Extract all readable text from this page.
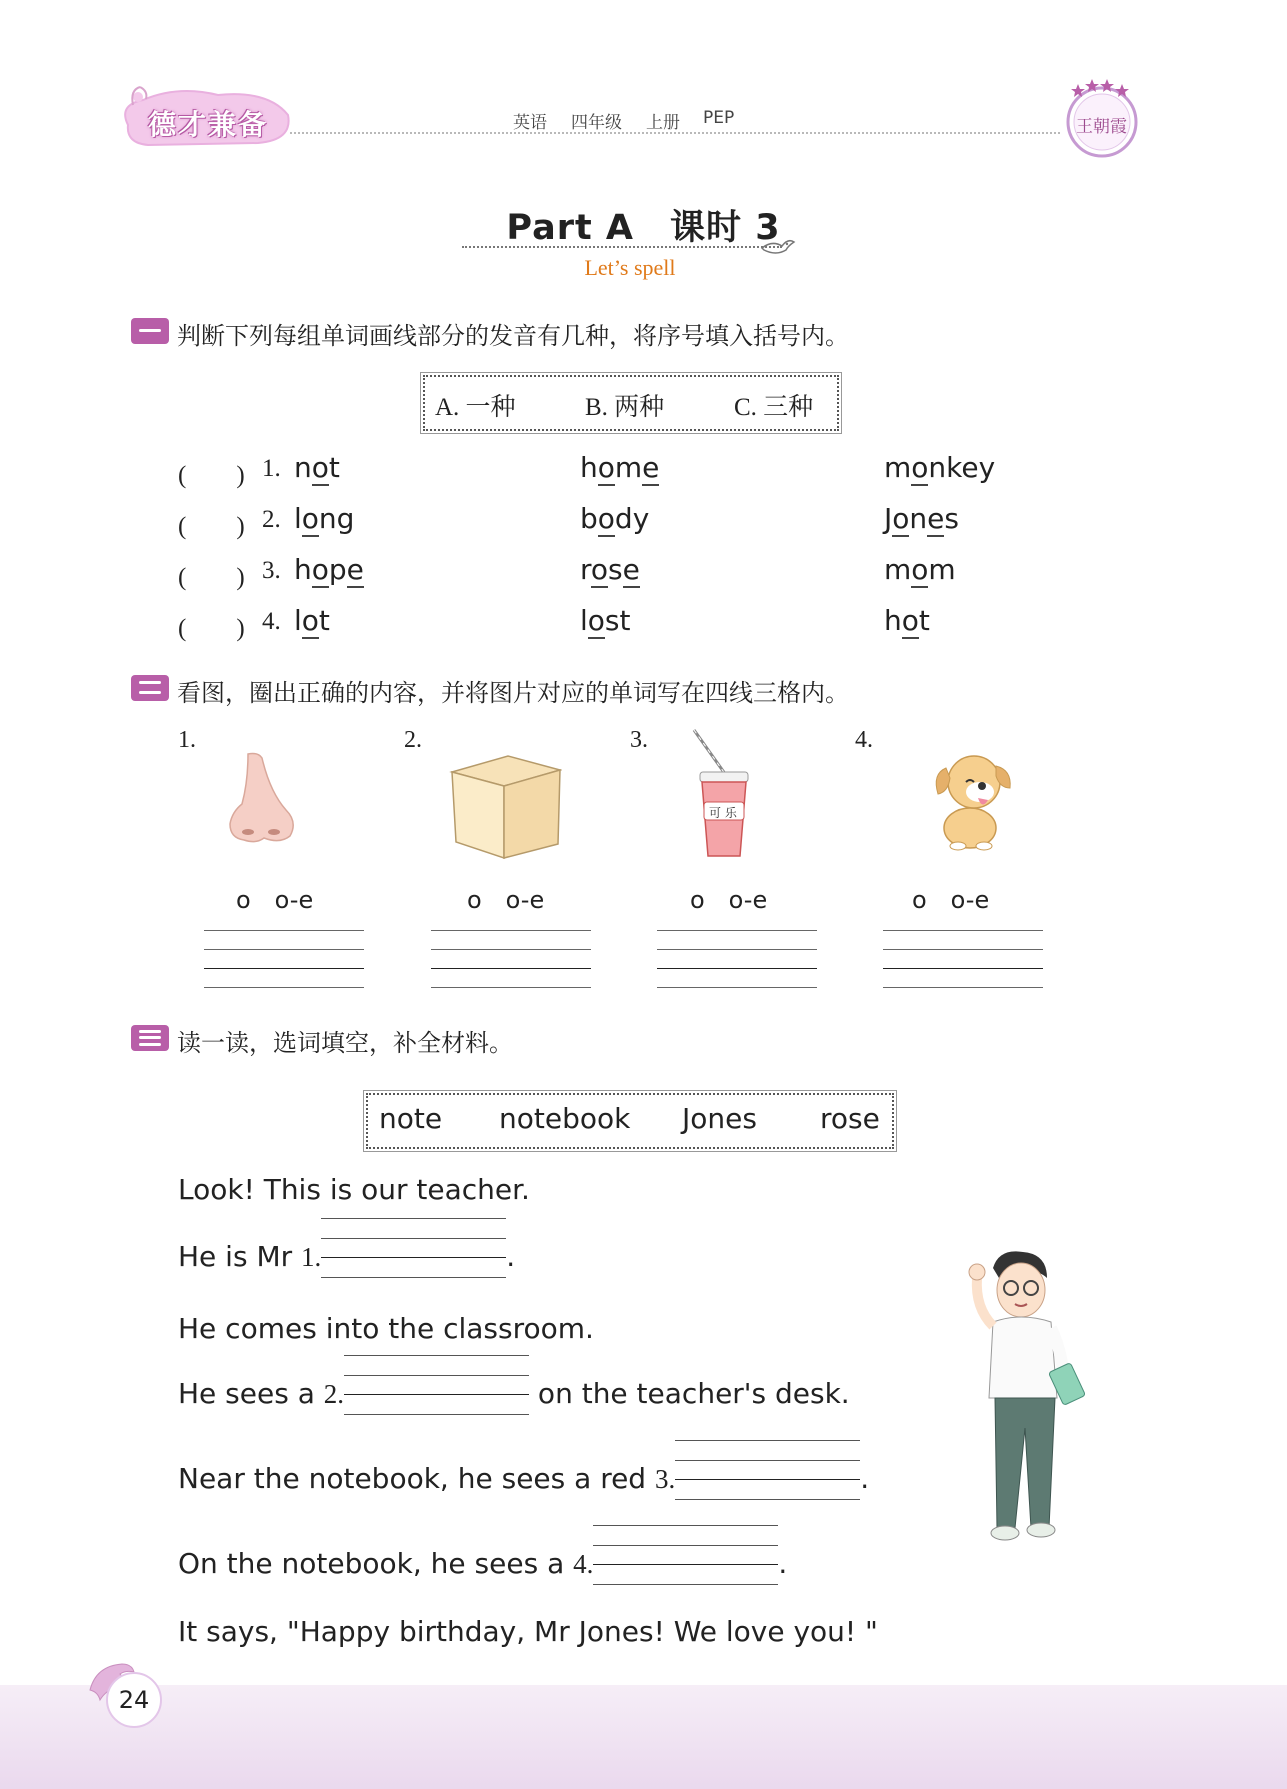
德才兼备	英语 四年级 上册 PEP	王朝霞
Part A　课时 3
Let’s spell
判断下列每组单词画线部分的发音有几种，将序号填入括号内。
A. 一种	B. 两种	C. 三种
(　　) 1. not	home	monkey
(　　) 2. long	body	Jones
(　　) 3. hope	rose	mom
(　　) 4. lot	lost	hot
看图，圈出正确的内容，并将图片对应的单词写在四线三格内。
1.
o　o-e
2.
o　o-e
3.
可 乐
o　o-e
4.
o　o-e
读一读，选词填空，补全材料。
note notebook Jones rose
Look! This is our teacher.
He is Mr 1.	.
He comes into the classroom.
He sees a 2.	on the teacher's desk.
Near the notebook, he sees a red 3.	.
On the notebook, he sees a 4.	.
It says, "Happy birthday, Mr Jones! We love you! "
24
